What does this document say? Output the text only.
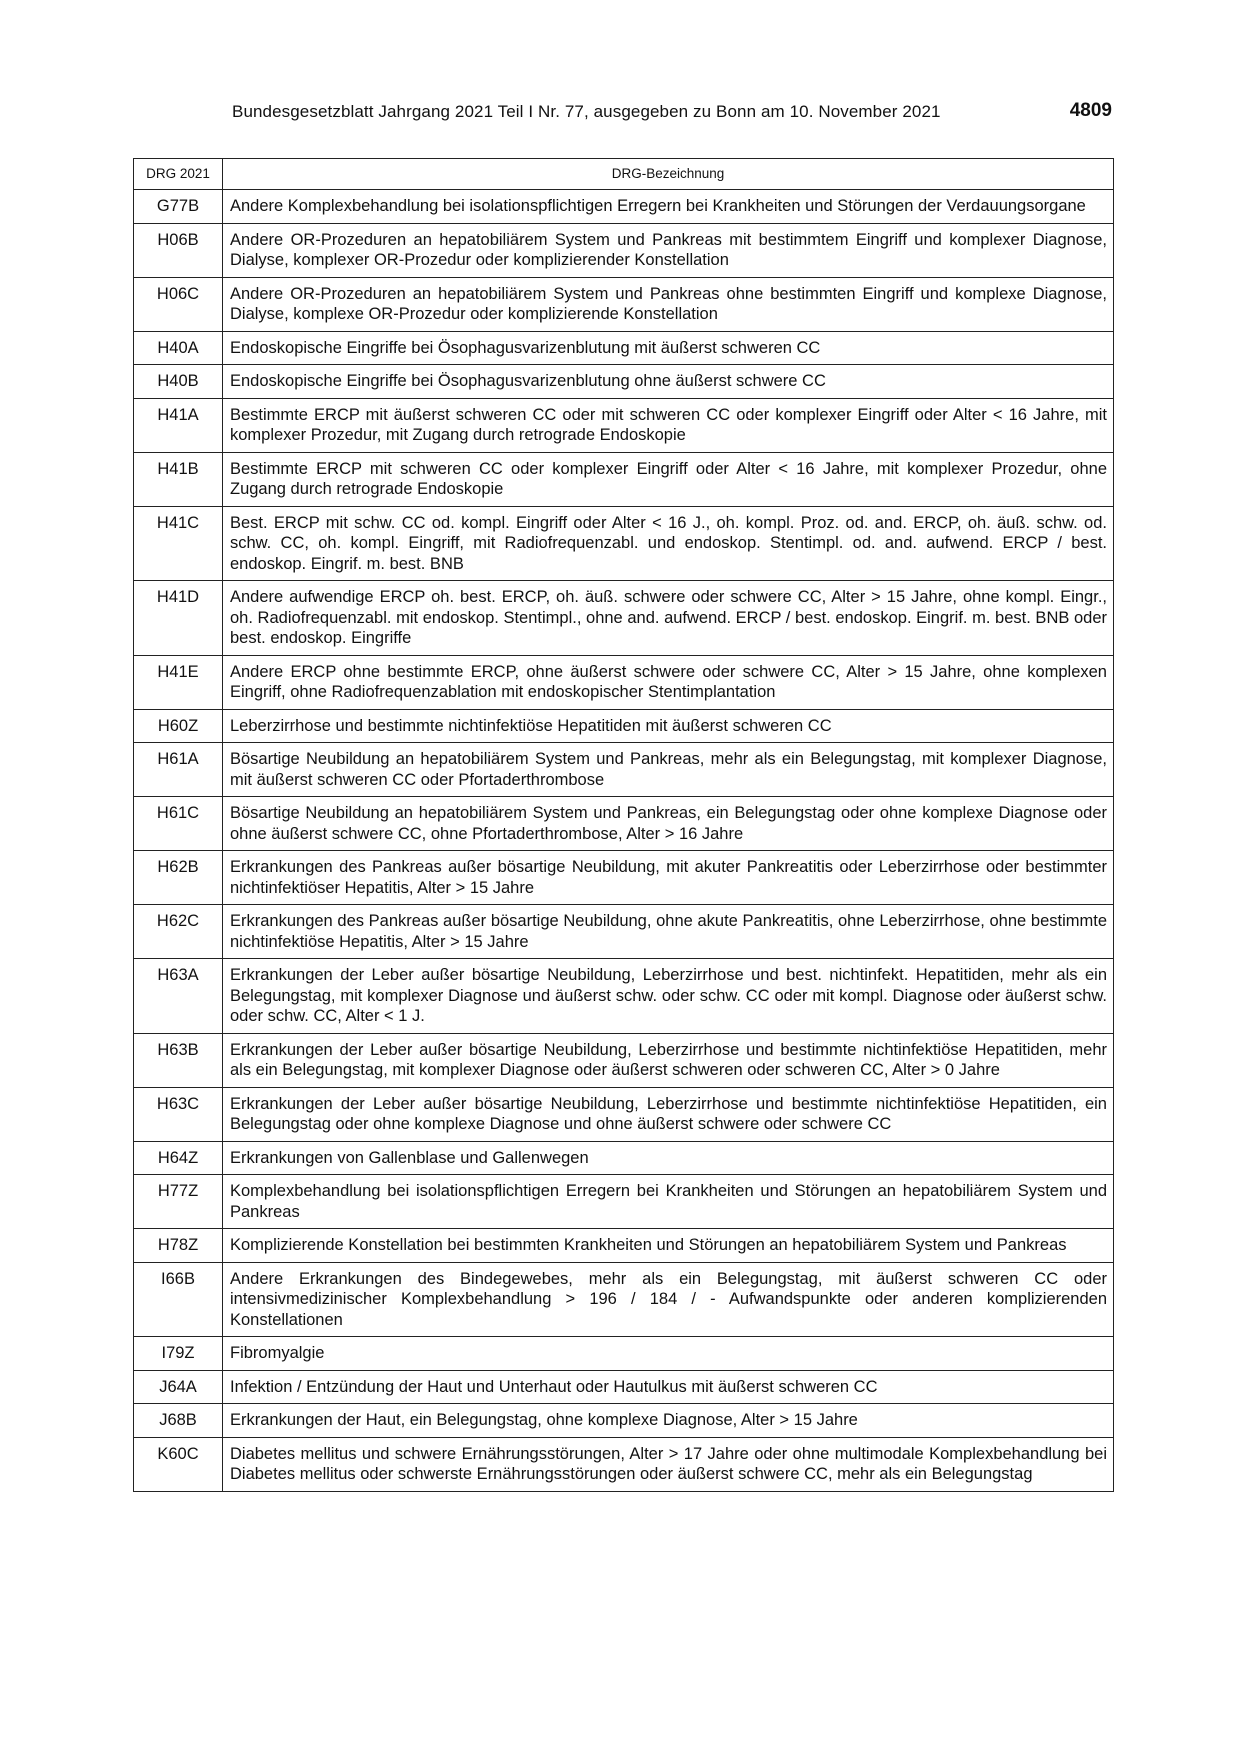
Bundesgesetzblatt Jahrgang 2021 Teil I Nr. 77, ausgegeben zu Bonn am 10. November 2021	4809
DRG 2021	DRG-Bezeichnung
G77B	Andere Komplexbehandlung bei isolationspflichtigen Erregern bei Krankheiten und Störungen der Verdauungsorgane
H06B	Andere OR-Prozeduren an hepatobiliärem System und Pankreas mit bestimmtem Eingriff und komplexer Diagnose, Dialyse, komplexer OR-Prozedur oder komplizierender Konstellation
H06C	Andere OR-Prozeduren an hepatobiliärem System und Pankreas ohne bestimmten Eingriff und komplexe Diagnose, Dialyse, komplexe OR-Prozedur oder komplizierende Konstellation
H40A	Endoskopische Eingriffe bei Ösophagusvarizenblutung mit äußerst schweren CC
H40B	Endoskopische Eingriffe bei Ösophagusvarizenblutung ohne äußerst schwere CC
H41A	Bestimmte ERCP mit äußerst schweren CC oder mit schweren CC oder komplexer Eingriff oder Alter < 16 Jahre, mit komplexer Prozedur, mit Zugang durch retrograde Endoskopie
H41B	Bestimmte ERCP mit schweren CC oder komplexer Eingriff oder Alter < 16 Jahre, mit komplexer Prozedur, ohne Zugang durch retrograde Endoskopie
H41C	Best. ERCP mit schw. CC od. kompl. Eingriff oder Alter < 16 J., oh. kompl. Proz. od. and. ERCP, oh. äuß. schw. od. schw. CC, oh. kompl. Eingriff, mit Radiofrequenzabl. und endoskop. Stentimpl. od. and. aufwend. ERCP / best. endoskop. Eingrif. m. best. BNB
H41D	Andere aufwendige ERCP oh. best. ERCP, oh. äuß. schwere oder schwere CC, Alter > 15 Jahre, ohne kompl. Eingr., oh. Radiofrequenzabl. mit endoskop. Stentimpl., ohne and. aufwend. ERCP / best. endoskop. Eingrif. m. best. BNB oder best. endoskop. Eingriffe
H41E	Andere ERCP ohne bestimmte ERCP, ohne äußerst schwere oder schwere CC, Alter > 15 Jahre, ohne komplexen Eingriff, ohne Radiofrequenzablation mit endoskopischer Stentimplantation
H60Z	Leberzirrhose und bestimmte nichtinfektiöse Hepatitiden mit äußerst schweren CC
H61A	Bösartige Neubildung an hepatobiliärem System und Pankreas, mehr als ein Belegungstag, mit komplexer Diagnose, mit äußerst schweren CC oder Pfortaderthrombose
H61C	Bösartige Neubildung an hepatobiliärem System und Pankreas, ein Belegungstag oder ohne komplexe Diagnose oder ohne äußerst schwere CC, ohne Pfortaderthrombose, Alter > 16 Jahre
H62B	Erkrankungen des Pankreas außer bösartige Neubildung, mit akuter Pankreatitis oder Leberzirrhose oder bestimmter nichtinfektiöser Hepatitis, Alter > 15 Jahre
H62C	Erkrankungen des Pankreas außer bösartige Neubildung, ohne akute Pankreatitis, ohne Leberzirrhose, ohne bestimmte nichtinfektiöse Hepatitis, Alter > 15 Jahre
H63A	Erkrankungen der Leber außer bösartige Neubildung, Leberzirrhose und best. nichtinfekt. Hepatitiden, mehr als ein Belegungstag, mit komplexer Diagnose und äußerst schw. oder schw. CC oder mit kompl. Diagnose oder äußerst schw. oder schw. CC, Alter < 1 J.
H63B	Erkrankungen der Leber außer bösartige Neubildung, Leberzirrhose und bestimmte nichtinfektiöse Hepatitiden, mehr als ein Belegungstag, mit komplexer Diagnose oder äußerst schweren oder schweren CC, Alter > 0 Jahre
H63C	Erkrankungen der Leber außer bösartige Neubildung, Leberzirrhose und bestimmte nichtinfektiöse Hepatitiden, ein Belegungstag oder ohne komplexe Diagnose und ohne äußerst schwere oder schwere CC
H64Z	Erkrankungen von Gallenblase und Gallenwegen
H77Z	Komplexbehandlung bei isolationspflichtigen Erregern bei Krankheiten und Störungen an hepatobiliärem System und Pankreas
H78Z	Komplizierende Konstellation bei bestimmten Krankheiten und Störungen an hepatobiliärem System und Pankreas
I66B	Andere Erkrankungen des Bindegewebes, mehr als ein Belegungstag, mit äußerst schweren CC oder intensivmedizinischer Komplexbehandlung > 196 / 184 / - Aufwandspunkte oder anderen komplizierenden Konstellationen
I79Z	Fibromyalgie
J64A	Infektion / Entzündung der Haut und Unterhaut oder Hautulkus mit äußerst schweren CC
J68B	Erkrankungen der Haut, ein Belegungstag, ohne komplexe Diagnose, Alter > 15 Jahre
K60C	Diabetes mellitus und schwere Ernährungsstörungen, Alter > 17 Jahre oder ohne multimodale Komplexbehandlung bei Diabetes mellitus oder schwerste Ernährungsstörungen oder äußerst schwere CC, mehr als ein Belegungstag
